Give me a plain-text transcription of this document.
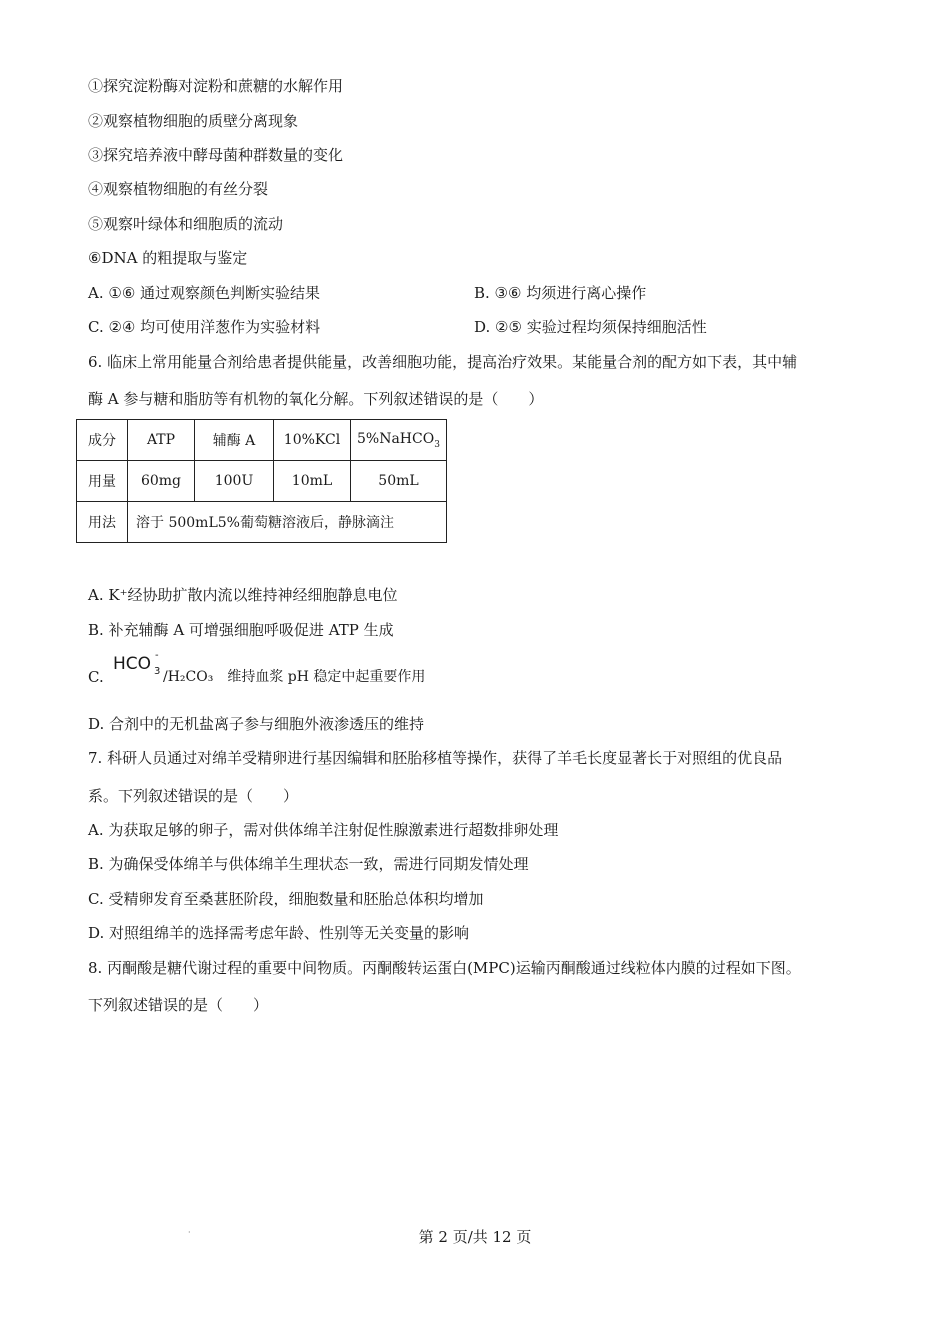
①探究淀粉酶对淀粉和蔗糖的水解作用
②观察植物细胞的质壁分离现象
③探究培养液中酵母菌种群数量的变化
④观察植物细胞的有丝分裂
⑤观察叶绿体和细胞质的流动
⑥DNA 的粗提取与鉴定
A. ①⑥ 通过观察颜色判断实验结果	B. ③⑥ 均须进行离心操作
C. ②④ 均可使用洋葱作为实验材料	D. ②⑤ 实验过程均须保持细胞活性
6. 临床上常用能量合剂给患者提供能量，改善细胞功能，提高治疗效果。某能量合剂的配方如下表，其中辅
酶 A 参与糖和脂肪等有机物的氧化分解。下列叙述错误的是（　　）
成分	ATP	辅酶 A	10%KCl	5%NaHCO$_3$
用量	60mg	100U	10mL	50mL
用法	溶于 500mL5%葡萄糖溶液后，静脉滴注			
A. K⁺经协助扩散内流以维持神经细胞静息电位
B. 补充辅酶 A 可增强细胞呼吸促进 ATP 生成
C.
HCO -
3 /H₂CO₃　维持血浆 pH 稳定中起重要作用
D. 合剂中的无机盐离子参与细胞外液渗透压的维持
7. 科研人员通过对绵羊受精卵进行基因编辑和胚胎移植等操作，获得了羊毛长度显著长于对照组的优良品
系。下列叙述错误的是（　　）
A. 为获取足够的卵子，需对供体绵羊注射促性腺激素进行超数排卵处理
B. 为确保受体绵羊与供体绵羊生理状态一致，需进行同期发情处理
C. 受精卵发育至桑葚胚阶段，细胞数量和胚胎总体积均增加
D. 对照组绵羊的选择需考虑年龄、性别等无关变量的影响
8. 丙酮酸是糖代谢过程的重要中间物质。丙酮酸转运蛋白(MPC)运输丙酮酸通过线粒体内膜的过程如下图。
下列叙述错误的是（　　）
·	第 2 页/共 12 页
